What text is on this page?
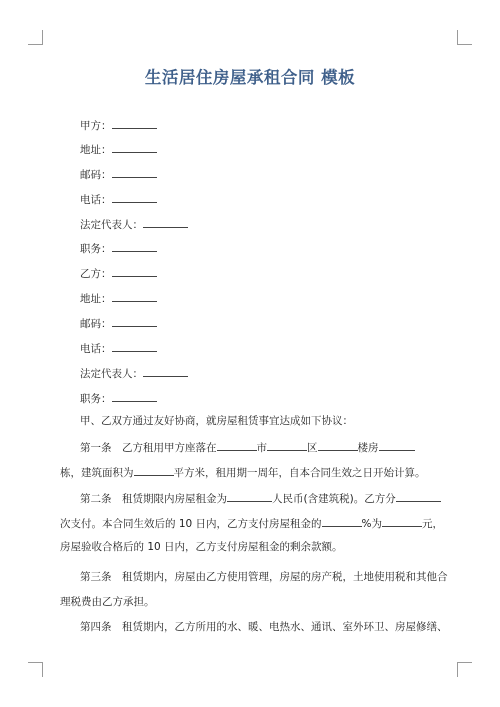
生活居住房屋承租合同 模板
甲方：
地址：
邮码：
电话：
法定代表人：
职务：
乙方：
地址：
邮码：
电话：
法定代表人：
职务：
甲、乙双方通过友好协商，就房屋租赁事宜达成如下协议：
第一条　乙方租用甲方座落在	市	区	楼房
栋，建筑面积为	平方米，租用期一周年，自本合同生效之日开始计算。
第二条　租赁期限内房屋租金为	人民币(含建筑税)。乙方分
次支付。本合同生效后的 10 日内，乙方支付房屋租金的	%为	元，
房屋验收合格后的 10 日内，乙方支付房屋租金的剩余款额。
第三条　租赁期内，房屋由乙方使用管理，房屋的房产税，土地使用税和其他合
理税费由乙方承担。
第四条　租赁期内，乙方所用的水、暖、电热水、通讯、室外环卫、房屋修缮、
